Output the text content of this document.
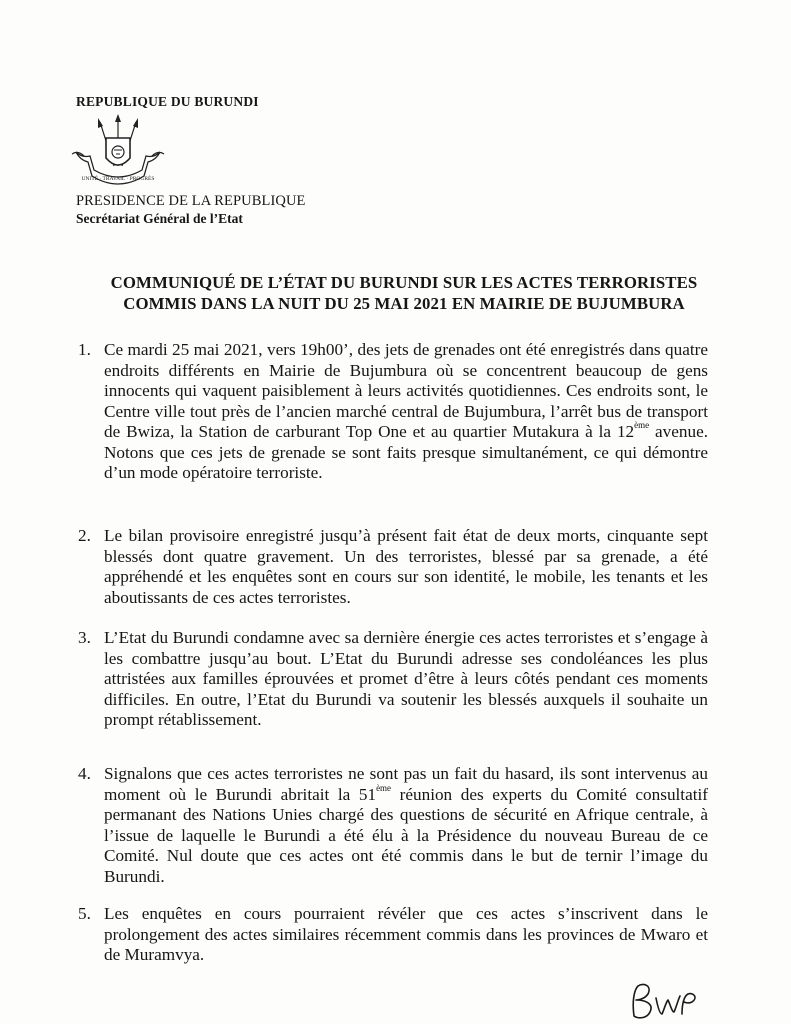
REPUBLIQUE DU BURUNDI
UNITÉ · TRAVAIL · PROGRÈS
PRESIDENCE DE LA REPUBLIQUE
Secrétariat Général de l’Etat
COMMUNIQUÉ DE L’ÉTAT DU BURUNDI SUR LES ACTES TERRORISTES
COMMIS DANS LA NUIT DU 25 MAI 2021 EN MAIRIE DE BUJUMBURA
1. Ce mardi 25 mai 2021, vers 19h00’, des jets de grenades ont été enregistrés dans quatre endroits différents en Mairie de Bujumbura où se concentrent beaucoup de gens innocents qui vaquent paisiblement à leurs activités quotidiennes. Ces endroits sont, le Centre ville tout près de l’ancien marché central de Bujumbura, l’arrêt bus de transport de Bwiza, la Station de carburant Top One et au quartier Mutakura à la 12ème avenue. Notons que ces jets de grenade se sont faits presque simultanément, ce qui démontre d’un mode opératoire terroriste.
2. Le bilan provisoire enregistré jusqu’à présent fait état de deux morts, cinquante sept blessés dont quatre gravement. Un des terroristes, blessé par sa grenade, a été appréhendé et les enquêtes sont en cours sur son identité, le mobile, les tenants et les aboutissants de ces actes terroristes.
3. L’Etat du Burundi condamne avec sa dernière énergie ces actes terroristes et s’engage à les combattre jusqu’au bout. L’Etat du Burundi adresse ses condoléances les plus attristées aux familles éprouvées et promet d’être à leurs côtés pendant ces moments difficiles. En outre, l’Etat du Burundi va soutenir les blessés auxquels il souhaite un prompt rétablissement.
4. Signalons que ces actes terroristes ne sont pas un fait du hasard, ils sont intervenus au moment où le Burundi abritait la 51ème réunion des experts du Comité consultatif permanant des Nations Unies chargé des questions de sécurité en Afrique centrale, à l’issue de laquelle le Burundi a été élu à la Présidence du nouveau Bureau de ce Comité. Nul doute que ces actes ont été commis dans le but de ternir l’image du Burundi.
5. Les enquêtes en cours pourraient révéler que ces actes s’inscrivent dans le prolongement des actes similaires récemment commis dans les provinces de Mwaro et de Muramvya.
